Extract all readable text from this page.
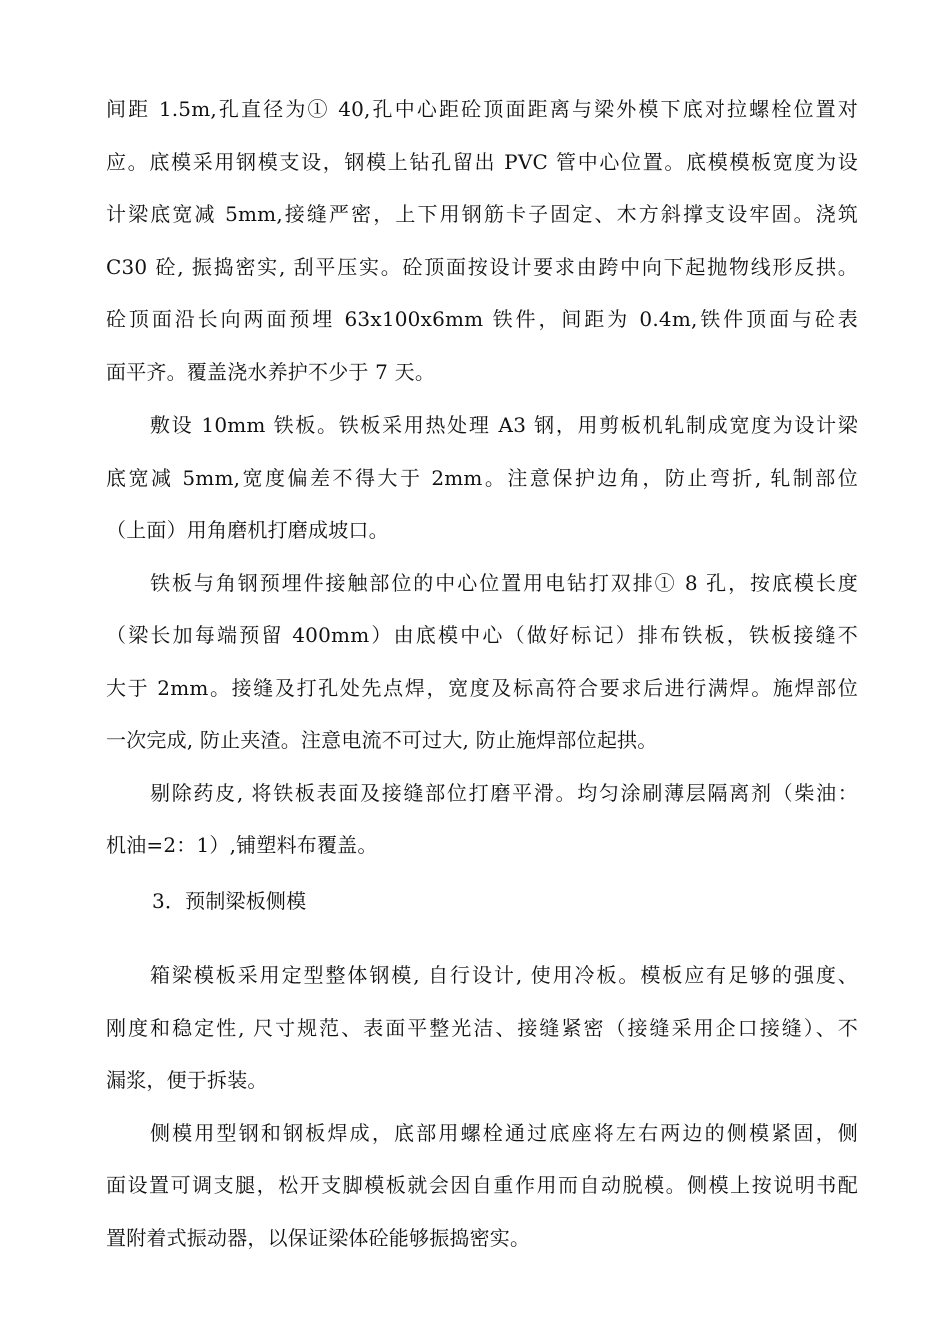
间距 1.5m,孔直径为① 40,孔中心距砼顶面距离与梁外模下底对拉螺栓位置对
应。底模采用钢模支设，钢模上钻孔留出 PVC 管中心位置。底模模板宽度为设
计梁底宽减 5mm,接缝严密，上下用钢筋卡子固定、木方斜撑支设牢固。浇筑
C30 砼, 振捣密实, 刮平压实。砼顶面按设计要求由跨中向下起抛物线形反拱。
砼顶面沿长向两面预埋 63x100x6mm 铁件，间距为 0.4m,铁件顶面与砼表
面平齐。覆盖浇水养护不少于 7 天。
敷设 10mm 铁板。铁板采用热处理 A3 钢，用剪板机轧制成宽度为设计梁
底宽减 5mm,宽度偏差不得大于 2mm。注意保护边角，防止弯折, 轧制部位
（上面）用角磨机打磨成坡口。
铁板与角钢预埋件接触部位的中心位置用电钻打双排① 8 孔，按底模长度
（梁长加每端预留 400mm）由底模中心（做好标记）排布铁板，铁板接缝不
大于 2mm。接缝及打孔处先点焊，宽度及标高符合要求后进行满焊。施焊部位
一次完成, 防止夹渣。注意电流不可过大, 防止施焊部位起拱。
剔除药皮, 将铁板表面及接缝部位打磨平滑。均匀涂刷薄层隔离剂（柴油：
机油=2：1）,铺塑料布覆盖。
3．预制梁板侧模
箱梁模板采用定型整体钢模, 自行设计, 使用冷板。模板应有足够的强度、
刚度和稳定性, 尺寸规范、表面平整光洁、接缝紧密（接缝采用企口接缝）、不
漏浆，便于拆装。
侧模用型钢和钢板焊成，底部用螺栓通过底座将左右两边的侧模紧固，侧
面设置可调支腿，松开支脚模板就会因自重作用而自动脱模。侧模上按说明书配
置附着式振动器，以保证梁体砼能够振捣密实。
